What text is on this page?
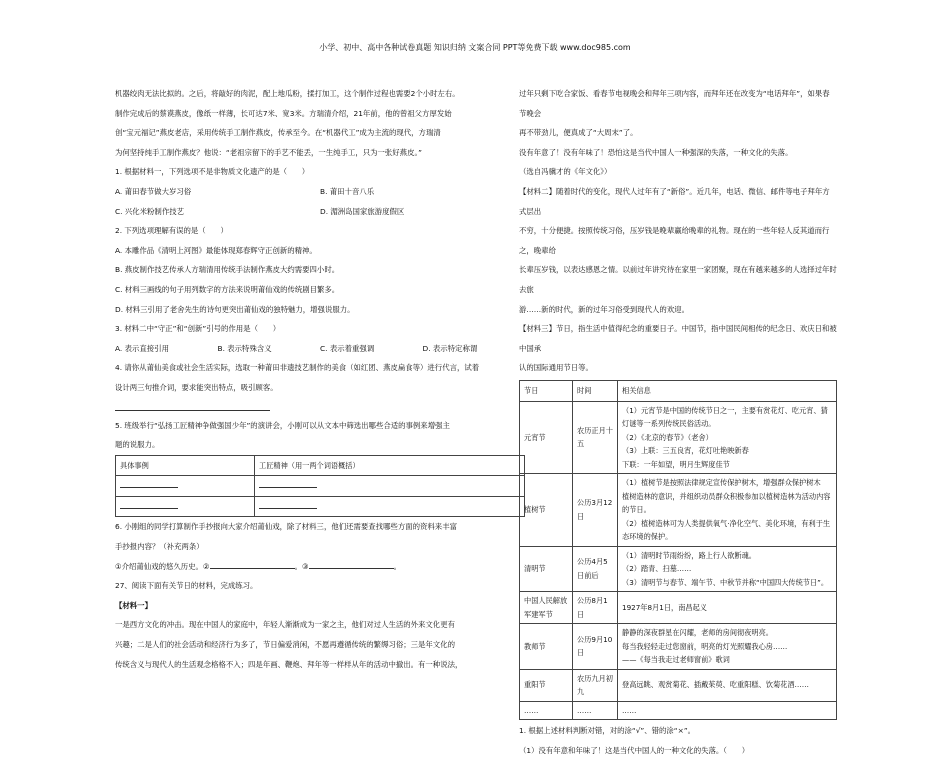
小学、初中、高中各种试卷真题 知识归纳 文案合同 PPT等免费下载 www.doc985.com

机器绞肉无法比拟的。之后，将敲好的肉泥，配上地瓜粉，揉打加工，这个制作过程也需要2个小时左右。

制作完成后的蔡谟燕皮，像纸一样薄，长可达7米、宽3米。方瑞清介绍，21年前，他的曾祖父方厚发始

创“宝元福记”燕皮老店，采用传统手工制作燕皮，传承至今。在“机器代工”成为主流的现代，方瑞清

为何坚持纯手工制作燕皮？他说：“老祖宗留下的手艺不能丢，一生纯手工，只为一张好燕皮。”

1. 根据材料一，下列选项不是非物质文化遗产的是（　　）

A. 莆田春节做大岁习俗	B. 莆田十音八乐
C. 兴化米粉制作技艺	D. 湄洲岛国家旅游度假区

2. 下列选项理解有误的是（　　）

A. 本雕作品《清明上河图》最能体现郑春辉守正创新的精神。

B. 燕皮制作技艺传承人方瑞清用传统手法制作燕皮大约需要四小时。

C. 材料三画线的句子用列数字的方法来说明莆仙戏的传统剧目繁多。

D. 材料三引用了老舍先生的诗句更突出莆仙戏的独特魅力，增强说服力。

3. 材料二中“守正”和“创新”引号的作用是（　　）

A. 表示直接引用	B. 表示特殊含义	C. 表示着重强调	D. 表示特定称谓

4. 请你从莆仙美食或社会生活实际，选取一种莆田非遗技艺制作的美食（如红团、燕皮扁食等）进行代言，试着

设计两三句推介词，要求能突出特点，吸引顾客。

5. 班级举行“弘扬工匠精神争做强国少年”的演讲会，小刚可以从文本中筛选出哪些合适的事例来增强主

题的说服力。

具体事例	工匠精神（用一两个词语概括）

6. 小刚组的同学打算制作手抄报向大家介绍莆仙戏，除了材料三，他们还需要查找哪些方面的资料来丰富

手抄报内容？（补充两条）

①介绍莆仙戏的悠久历史。②	。③	。

27、阅读下面有关节日的材料，完成练习。

【材料一】

一是西方文化的冲击。现在中国人的家庭中，年轻人渐渐成为一家之主，他们对过人生活的外来文化更有

兴趣；二是人们的社会活动和经济行为多了，节日偏爱消闲，不愿再遵循传统的繁缛习俗；三是年文化的

传统含义与现代人的生活观念格格不入；四是年画、鞭炮、拜年等一样样从年的活动中撤出。有一种说法，

过年只剩下吃合家饭、看春节电视晚会和拜年三项内容，而拜年还在改变为“电话拜年”，如果春节晚会

再不带劲儿，便真成了“大周末”了。

没有年意了！没有年味了！恐怕这是当代中国人一种强深的失落，一种文化的失落。

（选自冯骥才的《年文化》）

【材料二】随着时代的变化，现代人过年有了“新俗”。近几年，电话、微信、邮件等电子拜年方式层出

不穷，十分便捷。按照传统习俗，压岁钱是晚辈赢给晚辈的礼物。现在的一些年轻人反其道而行之，晚辈给

长辈压岁钱，以表达感恩之情。以前过年讲究待在家里一家团聚，现在有越来越多的人选择过年时去旅

游……新的时代，新的过年习俗受到现代人的欢迎。

【材料三】节日，指生活中值得纪念的重要日子。中国节，指中国民间相传的纪念日、欢庆日和被中国承

认的国际通用节日等。

节日	时间	相关信息
元宵节	农历正月十五	（1）元宵节是中国的传统节日之一，主要有赏花灯、吃元宵、猜灯谜等一系列传统民俗活动。
（2）《北京的春节》（老舍）
（3）上联：三五良宵，花灯吐艳映新春
下联：一年如望，明月生辉度佳节

植树节	公历3月12日	（1）植树节是按照法律规定宣传保护树木，增强群众保护树木　植树造林的意识，并组织动员群众积极参加以植树造林为活动内容的节日。
（2）植树造林可为人类提供氧气·净化空气、美化环境，有利于生态环境的保护。

清明节	公历4月5日前后	（1）清明时节雨纷纷，路上行人欲断魂。
（2）踏青、扫墓……
（3）清明节与春节、端午节、中秋节并称“中国四大传统节日”。

中国人民解放军建军节	公历8月1日	1927年8月1日，南昌起义

教师节	公历9月10日	静静的深夜群星在闪耀，老师的房间彻夜明亮。
每当我轻轻走过您窗前，明亮的灯光照耀我心房……
——《每当我走过老师窗前》歌词

重阳节	农历九月初九	登高远眺、观赏菊花、插戴茱萸、吃重阳糕、饮菊花酒……

……	……	……

1. 根据上述材料判断对错，对的涂“√”、错的涂“×”。

（1）没有年意和年味了！这是当代中国人的一种文化的失落。（　　）
